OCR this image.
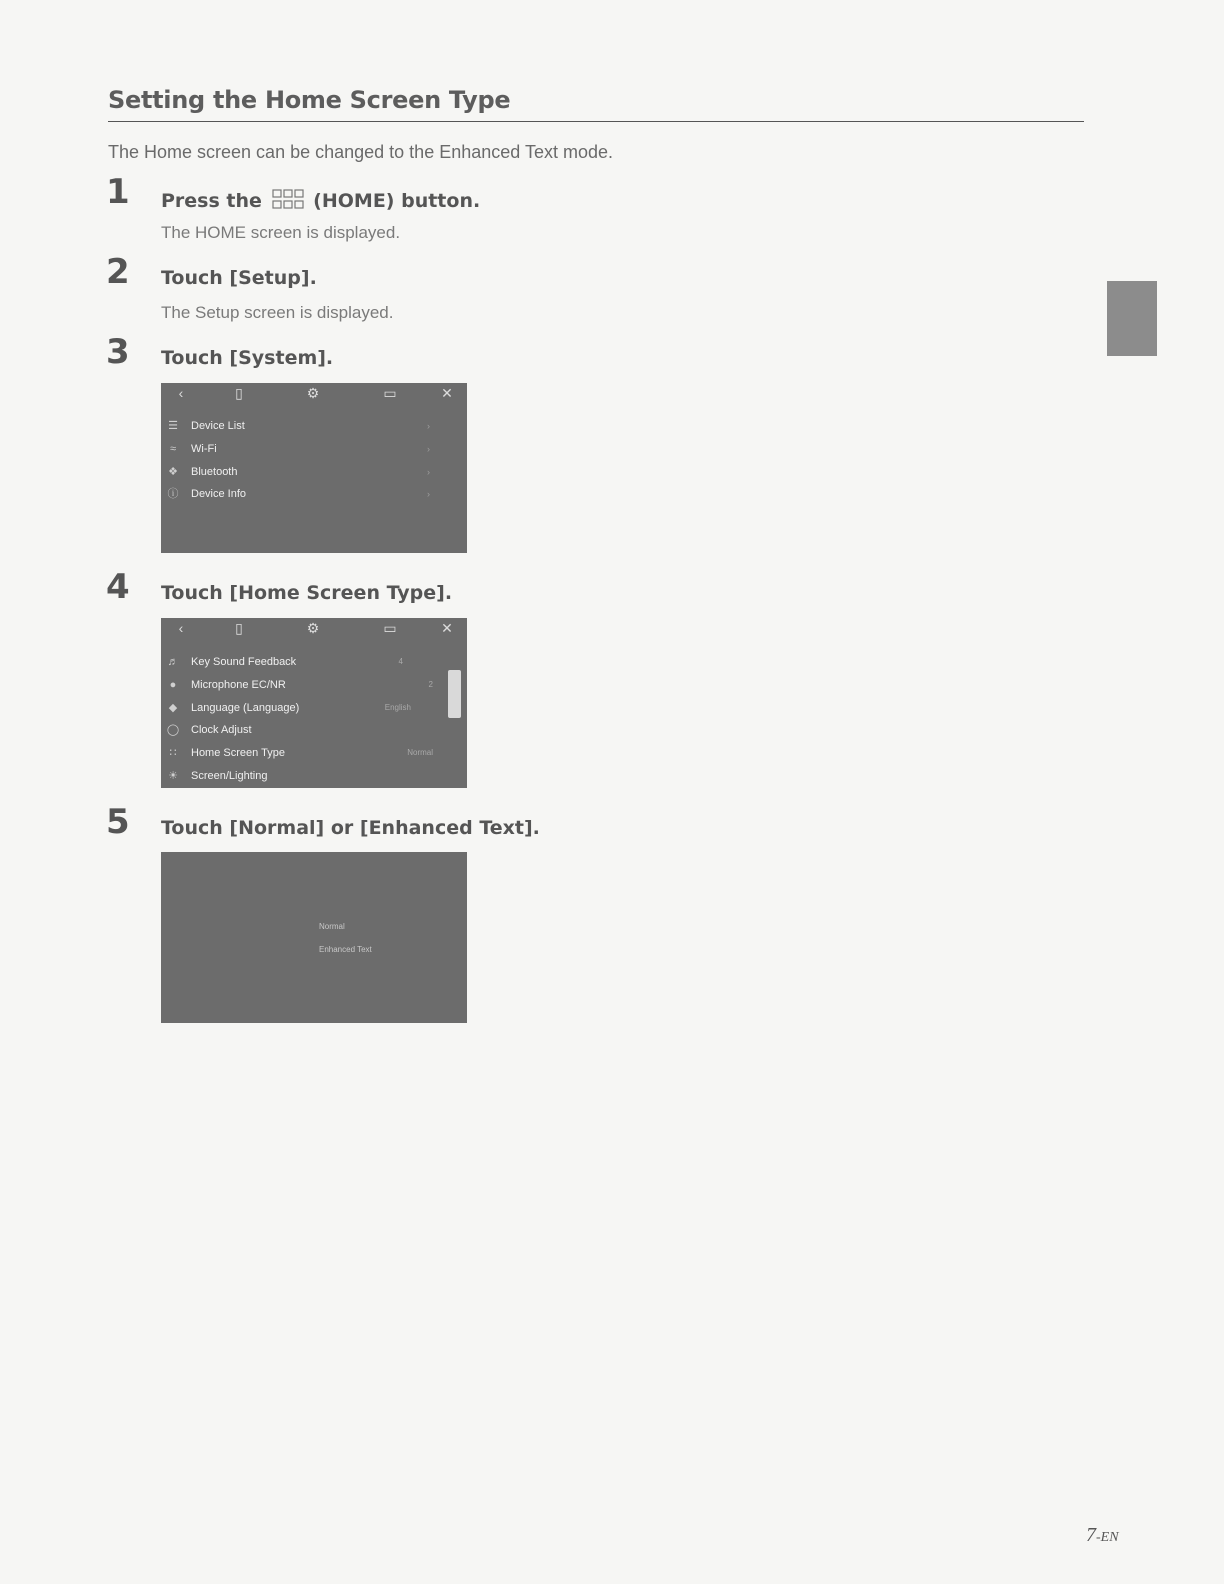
Setting the Home Screen Type
The Home screen can be changed to the Enhanced Text mode.
1 Press the	(HOME) button.
The HOME screen is displayed.
2 Touch [Setup].
The Setup screen is displayed.
3 Touch [System].
‹	▯	⚙	▭	✕
☰ Device List	›
≈	Wi-Fi	›
❖ Bluetooth	›
ⓘ Device Info	›
4 Touch [Home Screen Type].
‹	▯	⚙	▭	✕
♬ Key Sound Feedback	4
●	Microphone EC/NR	2
◆	Language (Language)	English
◯ Clock Adjust
∷	Home Screen Type	Normal
☀ Screen/Lighting
5 Touch [Normal] or [Enhanced Text].
Normal
Enhanced Text
7-EN
